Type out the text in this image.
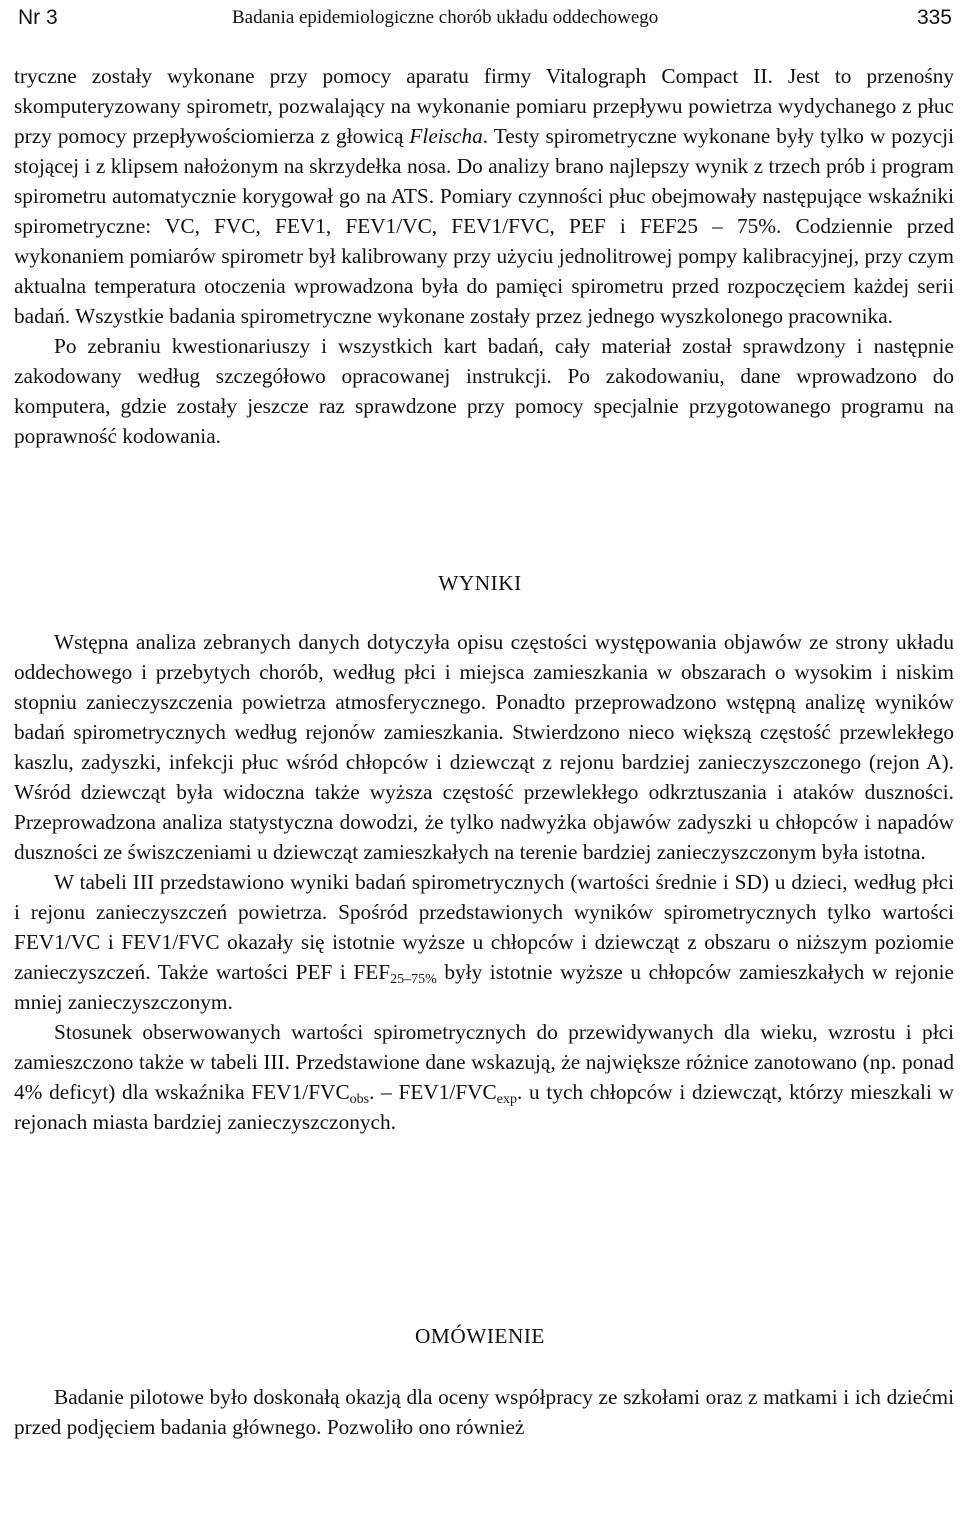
Nr 3	Badania epidemiologiczne chorób układu oddechowego	335

tryczne zostały wykonane przy pomocy aparatu firmy Vitalograph Compact II. Jest to przenośny skomputeryzowany spirometr, pozwalający na wykonanie pomiaru przepływu powietrza wydychanego z płuc przy pomocy przepływościomierza z głowicą Fleischa. Testy spirometryczne wykonane były tylko w pozycji stojącej i z klipsem nałożonym na skrzydełka nosa. Do analizy brano najlepszy wynik z trzech prób i program spirometru automatycznie korygował go na ATS. Pomiary czynności płuc obejmowały następujące wskaźniki spirometryczne: VC, FVC, FEV1, FEV1/VC, FEV1/FVC, PEF i FEF25 – 75%. Codziennie przed wykonaniem pomiarów spirometr był kalibrowany przy użyciu jednolitrowej pompy kalibracyjnej, przy czym aktualna temperatura otoczenia wprowadzona była do pamięci spirometru przed rozpoczęciem każdej serii badań. Wszystkie badania spirometryczne wykonane zostały przez jednego wyszkolonego pracownika.

Po zebraniu kwestionariuszy i wszystkich kart badań, cały materiał został sprawdzony i następnie zakodowany według szczegółowo opracowanej instrukcji. Po zakodowaniu, dane wprowadzono do komputera, gdzie zostały jeszcze raz sprawdzone przy pomocy specjalnie przygotowanego programu na poprawność kodowania.

WYNIKI

Wstępna analiza zebranych danych dotyczyła opisu częstości występowania objawów ze strony układu oddechowego i przebytych chorób, według płci i miejsca zamieszkania w obszarach o wysokim i niskim stopniu zanieczyszczenia powietrza atmosferycznego. Ponadto przeprowadzono wstępną analizę wyników badań spirometrycznych według rejonów zamieszkania. Stwierdzono nieco większą częstość przewlekłego kaszlu, zadyszki, infekcji płuc wśród chłopców i dziewcząt z rejonu bardziej zanieczyszczonego (rejon A). Wśród dziewcząt była widoczna także wyższa częstość przewlekłego odkrztuszania i ataków duszności. Przeprowadzona analiza statystyczna dowodzi, że tylko nadwyżka objawów zadyszki u chłopców i napadów duszności ze świszczeniami u dziewcząt zamieszkałych na terenie bardziej zanieczyszczonym była istotna.

W tabeli III przedstawiono wyniki badań spirometrycznych (wartości średnie i SD) u dzieci, według płci i rejonu zanieczyszczeń powietrza. Spośród przedstawionych wyników spirometrycznych tylko wartości FEV1/VC i FEV1/FVC okazały się istotnie wyższe u chłopców i dziewcząt z obszaru o niższym poziomie zanieczyszczeń. Także wartości PEF i $FEF_{25-75\%}$ były istotnie wyższe u chłopców zamieszkałych w rejonie mniej zanieczyszczonym.

Stosunek obserwowanych wartości spirometrycznych do przewidywanych dla wieku, wzrostu i płci zamieszczono także w tabeli III. Przedstawione dane wskazują, że największe różnice zanotowano (np. ponad 4% deficyt) dla wskaźnika $FEV1/FVC_{obs}$. – $FEV1/FVC_{exp}$. u tych chłopców i dziewcząt, którzy mieszkali w rejonach miasta bardziej zanieczyszczonych.

OMÓWIENIE

Badanie pilotowe było doskonałą okazją dla oceny współpracy ze szkołami oraz z matkami i ich dziećmi przed podjęciem badania głównego. Pozwoliło ono również
